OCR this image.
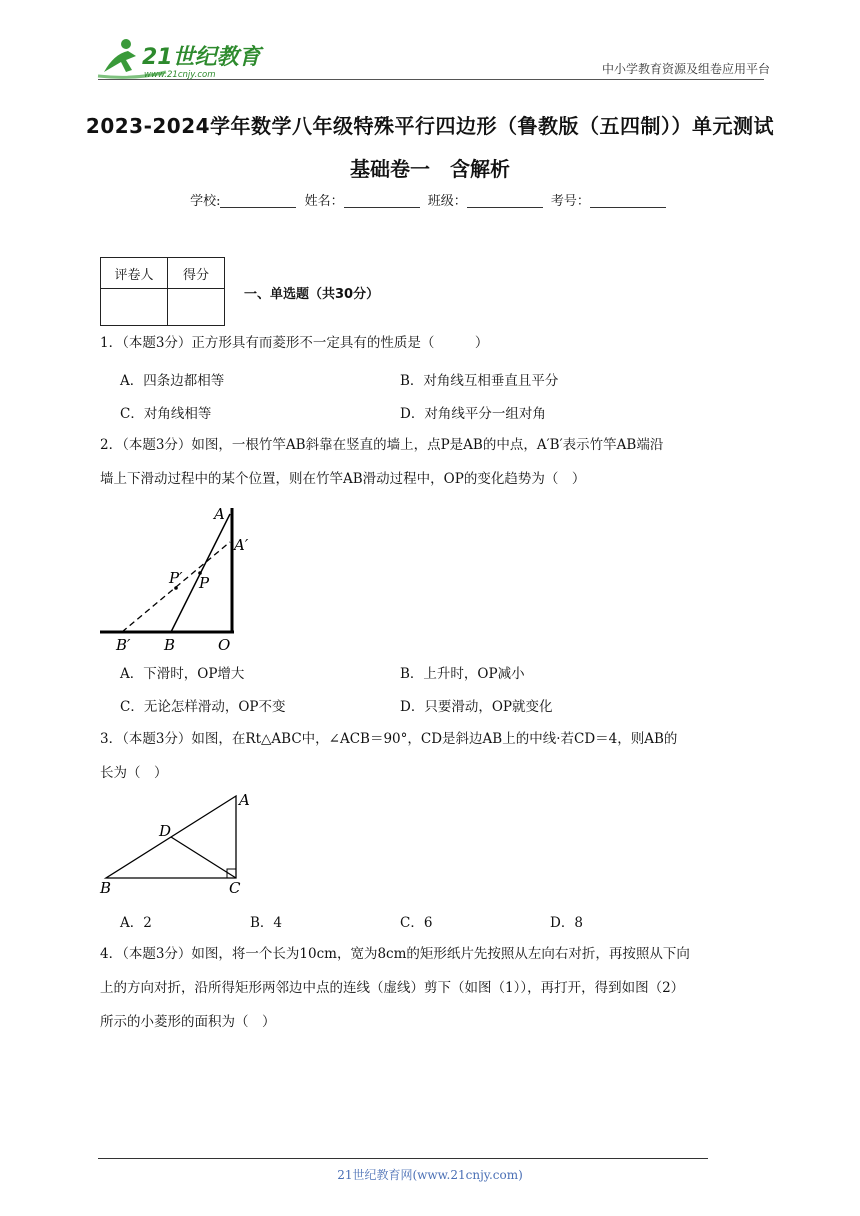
21世纪教育
www.21cnjy.com	中小学教育资源及组卷应用平台
2023-2024学年数学八年级特殊平行四边形（鲁教版（五四制））单元测试
基础卷一　含解析
学校:	姓名：	班级：	考号：
评卷人	得分

一、单选题（共30分）
1．（本题3分）正方形具有而菱形不一定具有的性质是（　　　）
A．四条边都相等	B．对角线互相垂直且平分
C．对角线相等	D．对角线平分一组对角
2．（本题3分）如图，一根竹竿AB斜靠在竖直的墙上，点P是AB的中点，A′B′表示竹竿AB端沿
墙上下滑动过程中的某个位置，则在竹竿AB滑动过程中，OP的变化趋势为（　）
A
A′
P′ P
B′ B	O
A．下滑时，OP增大	B．上升时，OP减小
C．无论怎样滑动，OP不变	D．只要滑动，OP就变化
3．（本题3分）如图，在Rt△ABC中，∠ACB＝90°，CD是斜边AB上的中线·若CD＝4，则AB的
长为（　）
A
D
B	C
A．2	B．4	C．6	D．8
4．（本题3分）如图，将一个长为10cm，宽为8cm的矩形纸片先按照从左向右对折，再按照从下向
上的方向对折，沿所得矩形两邻边中点的连线（虚线）剪下（如图（1）），再打开，得到如图（2）
所示的小菱形的面积为（　）
21世纪教育网(www.21cnjy.com)
